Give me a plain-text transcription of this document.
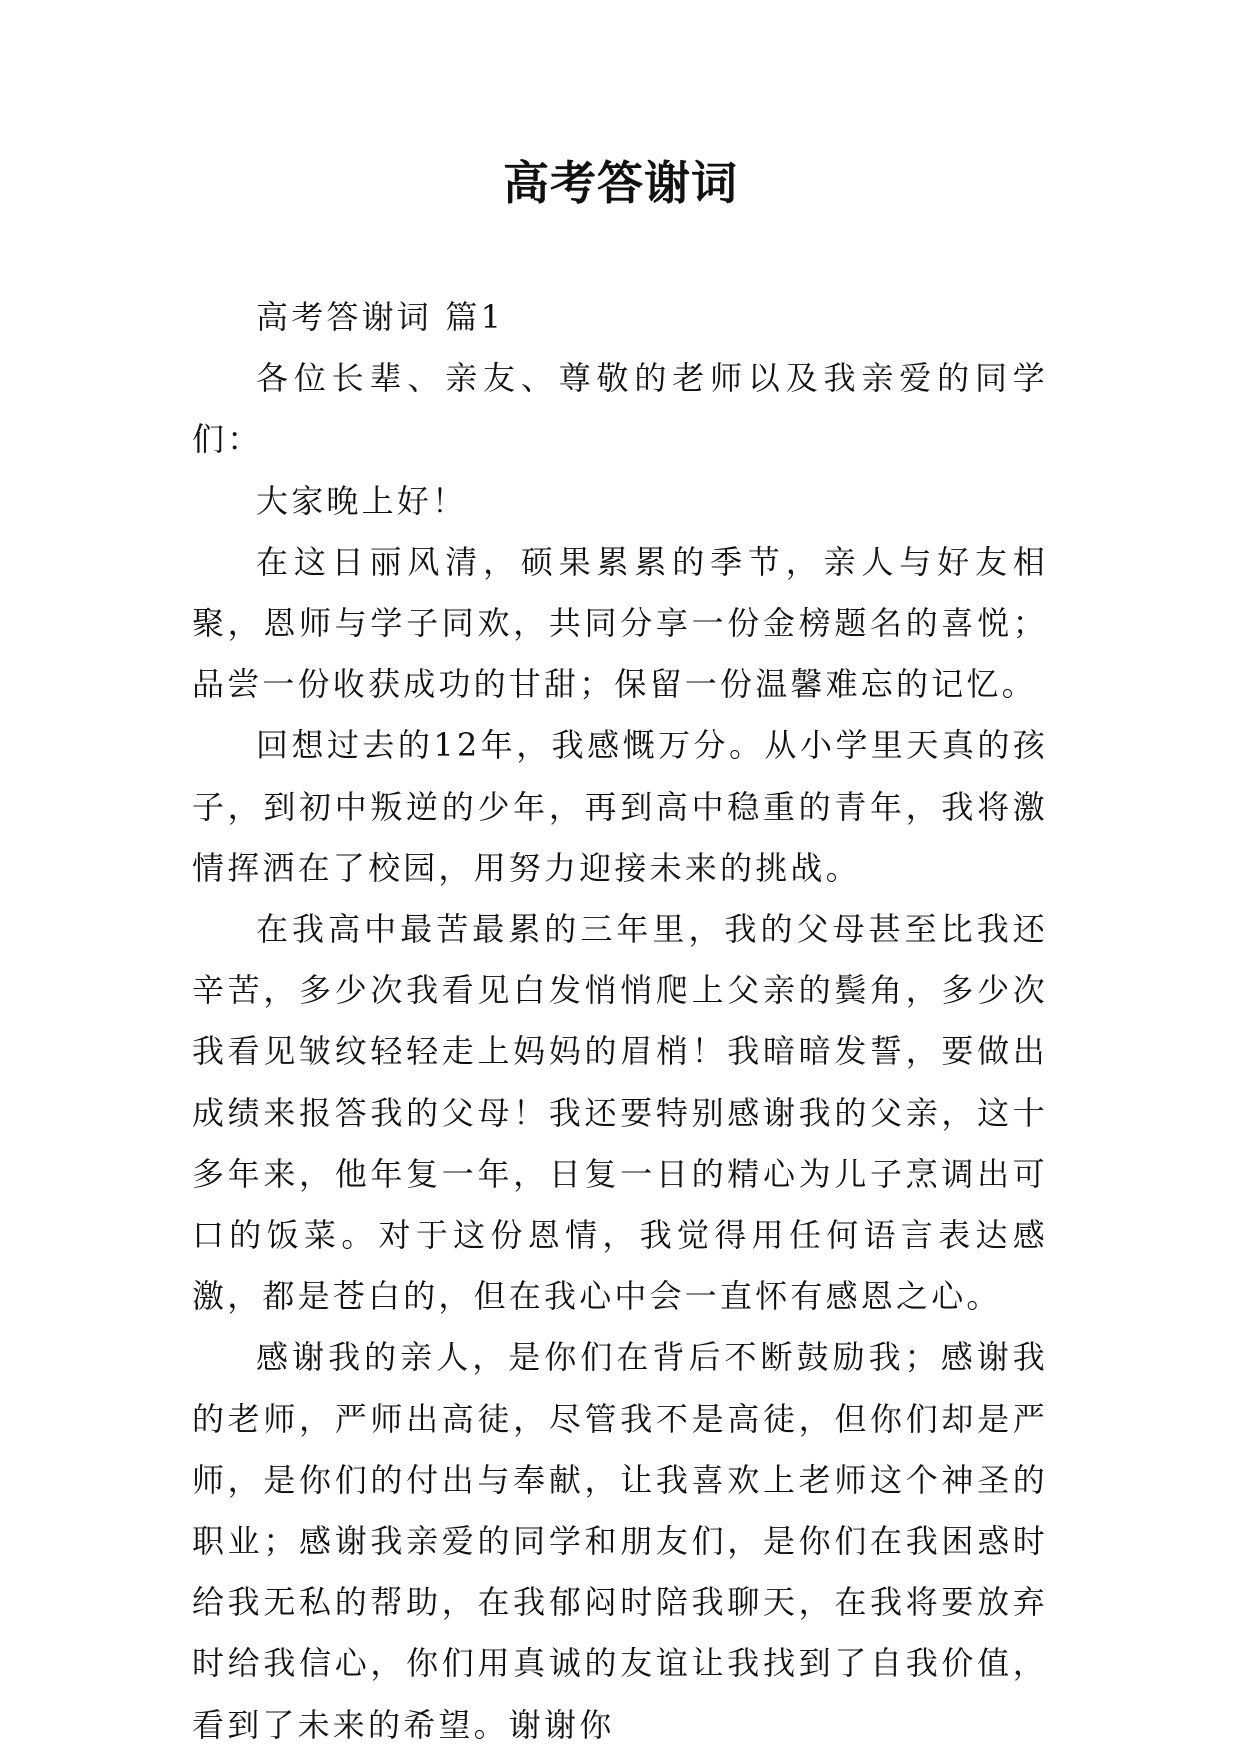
高考答谢词

高考答谢词 篇1

各位长辈、亲友、尊敬的老师以及我亲爱的同学们：

大家晚上好！

在这日丽风清，硕果累累的季节，亲人与好友相聚，恩师与学子同欢，共同分享一份金榜题名的喜悦；品尝一份收获成功的甘甜；保留一份温馨难忘的记忆。

回想过去的12年，我感慨万分。从小学里天真的孩子，到初中叛逆的少年，再到高中稳重的青年，我将激情挥洒在了校园，用努力迎接未来的挑战。

在我高中最苦最累的三年里，我的父母甚至比我还辛苦，多少次我看见白发悄悄爬上父亲的鬓角，多少次我看见皱纹轻轻走上妈妈的眉梢！我暗暗发誓，要做出成绩来报答我的父母！我还要特别感谢我的父亲，这十多年来，他年复一年，日复一日的精心为儿子烹调出可口的饭菜。对于这份恩情，我觉得用任何语言表达感激，都是苍白的，但在我心中会一直怀有感恩之心。

感谢我的亲人，是你们在背后不断鼓励我；感谢我的老师，严师出高徒，尽管我不是高徒，但你们却是严师，是你们的付出与奉献，让我喜欢上老师这个神圣的职业；感谢我亲爱的同学和朋友们，是你们在我困惑时给我无私的帮助，在我郁闷时陪我聊天，在我将要放弃时给我信心，你们用真诚的友谊让我找到了自我价值，看到了未来的希望。谢谢你
